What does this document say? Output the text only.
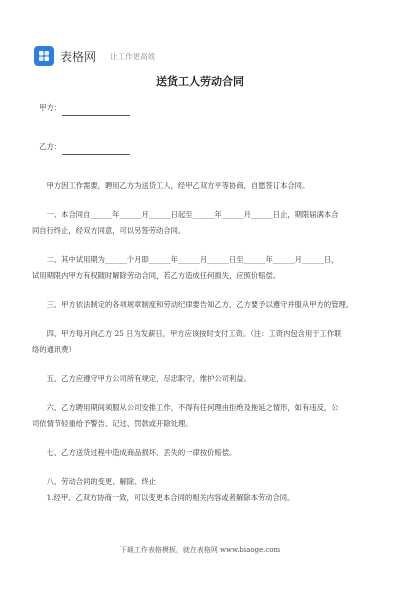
表格网 让工作更高效
送货工人劳动合同
甲方：
乙方：
甲方因工作需要，聘用乙方为送货工人，经甲乙双方平等协商，自愿签订本合同。
一、本合同自______年______月______日起至______年______月______日止，期限届满本合
同自行终止，经双方同意，可以另签劳动合同。
二、其中试用期为______个月即______年______月______日至______年______月______日，
试用期限内甲方有权随时解除劳动合同，若乙方造成任何损失，应照价赔偿。
三、甲方依法制定的各项规章制度和劳动纪律要告知乙方，乙方要予以遵守并服从甲方的管理。
四、甲方每月向乙方 25 日为发薪日，甲方应该按时支付工资。（注：工资内包含用于工作联
络的通讯费）
五、乙方应遵守甲方公司所有规定，尽忠职守，维护公司利益。
六、乙方聘用期间须服从公司安排工作，不得有任何理由拒绝及拖延之情形，如有违反，公
司依情节轻重给予警告、记过、罚款或开除处理。
七、乙方送货过程中造成商品损坏、丢失的一律按价赔偿。
八、劳动合同的变更、解除、终止
1.经甲、乙双方协商一致，可以变更本合同的相关内容或者解除本劳动合同。
下载工作表格模板，就在表格网 www.biaoge.com
